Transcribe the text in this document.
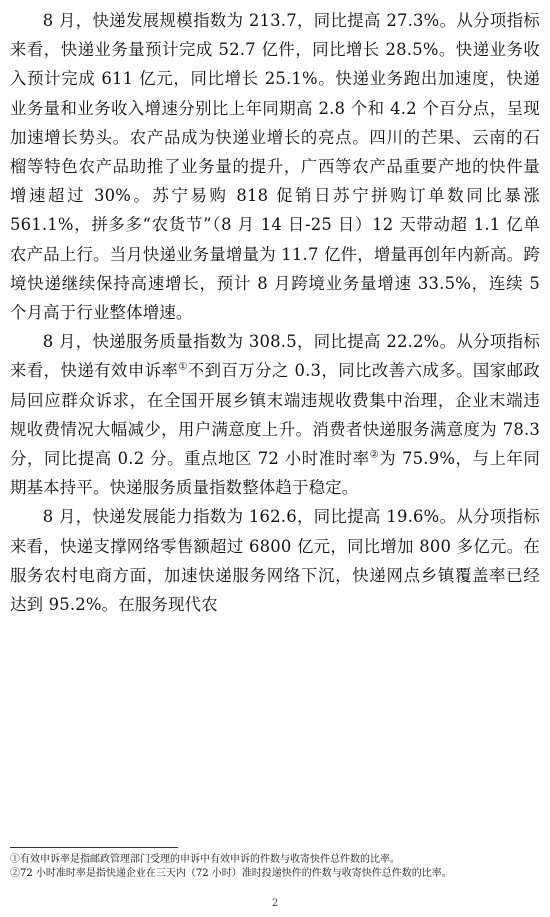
8 月，快递发展规模指数为 213.7，同比提高 27.3%。从分项指标来看，快递业务量预计完成 52.7 亿件，同比增长 28.5%。快递业务收入预计完成 611 亿元，同比增长 25.1%。快递业务跑出加速度，快递业务量和业务收入增速分别比上年同期高 2.8 个和 4.2 个百分点，呈现加速增长势头。农产品成为快递业增长的亮点。四川的芒果、云南的石榴等特色农产品助推了业务量的提升，广西等农产品重要产地的快件量增速超过 30%。苏宁易购 818 促销日苏宁拼购订单数同比暴涨 561.1%，拼多多“农货节”（8 月 14 日-25 日）12 天带动超 1.1 亿单农产品上行。当月快递业务量增量为 11.7 亿件，增量再创年内新高。跨境快递继续保持高速增长，预计 8 月跨境业务量增速 33.5%，连续 5 个月高于行业整体增速。

8 月，快递服务质量指数为 308.5，同比提高 22.2%。从分项指标来看，快递有效申诉率①不到百万分之 0.3，同比改善六成多。国家邮政局回应群众诉求，在全国开展乡镇末端违规收费集中治理，企业末端违规收费情况大幅减少，用户满意度上升。消费者快递服务满意度为 78.3 分，同比提高 0.2 分。重点地区 72 小时准时率②为 75.9%，与上年同期基本持平。快递服务质量指数整体趋于稳定。

8 月，快递发展能力指数为 162.6，同比提高 19.6%。从分项指标来看，快递支撑网络零售额超过 6800 亿元，同比增加 800 多亿元。在服务农村电商方面，加速快递服务网络下沉，快递网点乡镇覆盖率已经达到 95.2%。在服务现代农

①有效申诉率是指邮政管理部门受理的申诉中有效申诉的件数与收寄快件总件数的比率。

②72 小时准时率是指快递企业在三天内（72 小时）准时投递快件的件数与收寄快件总件数的比率。

2
